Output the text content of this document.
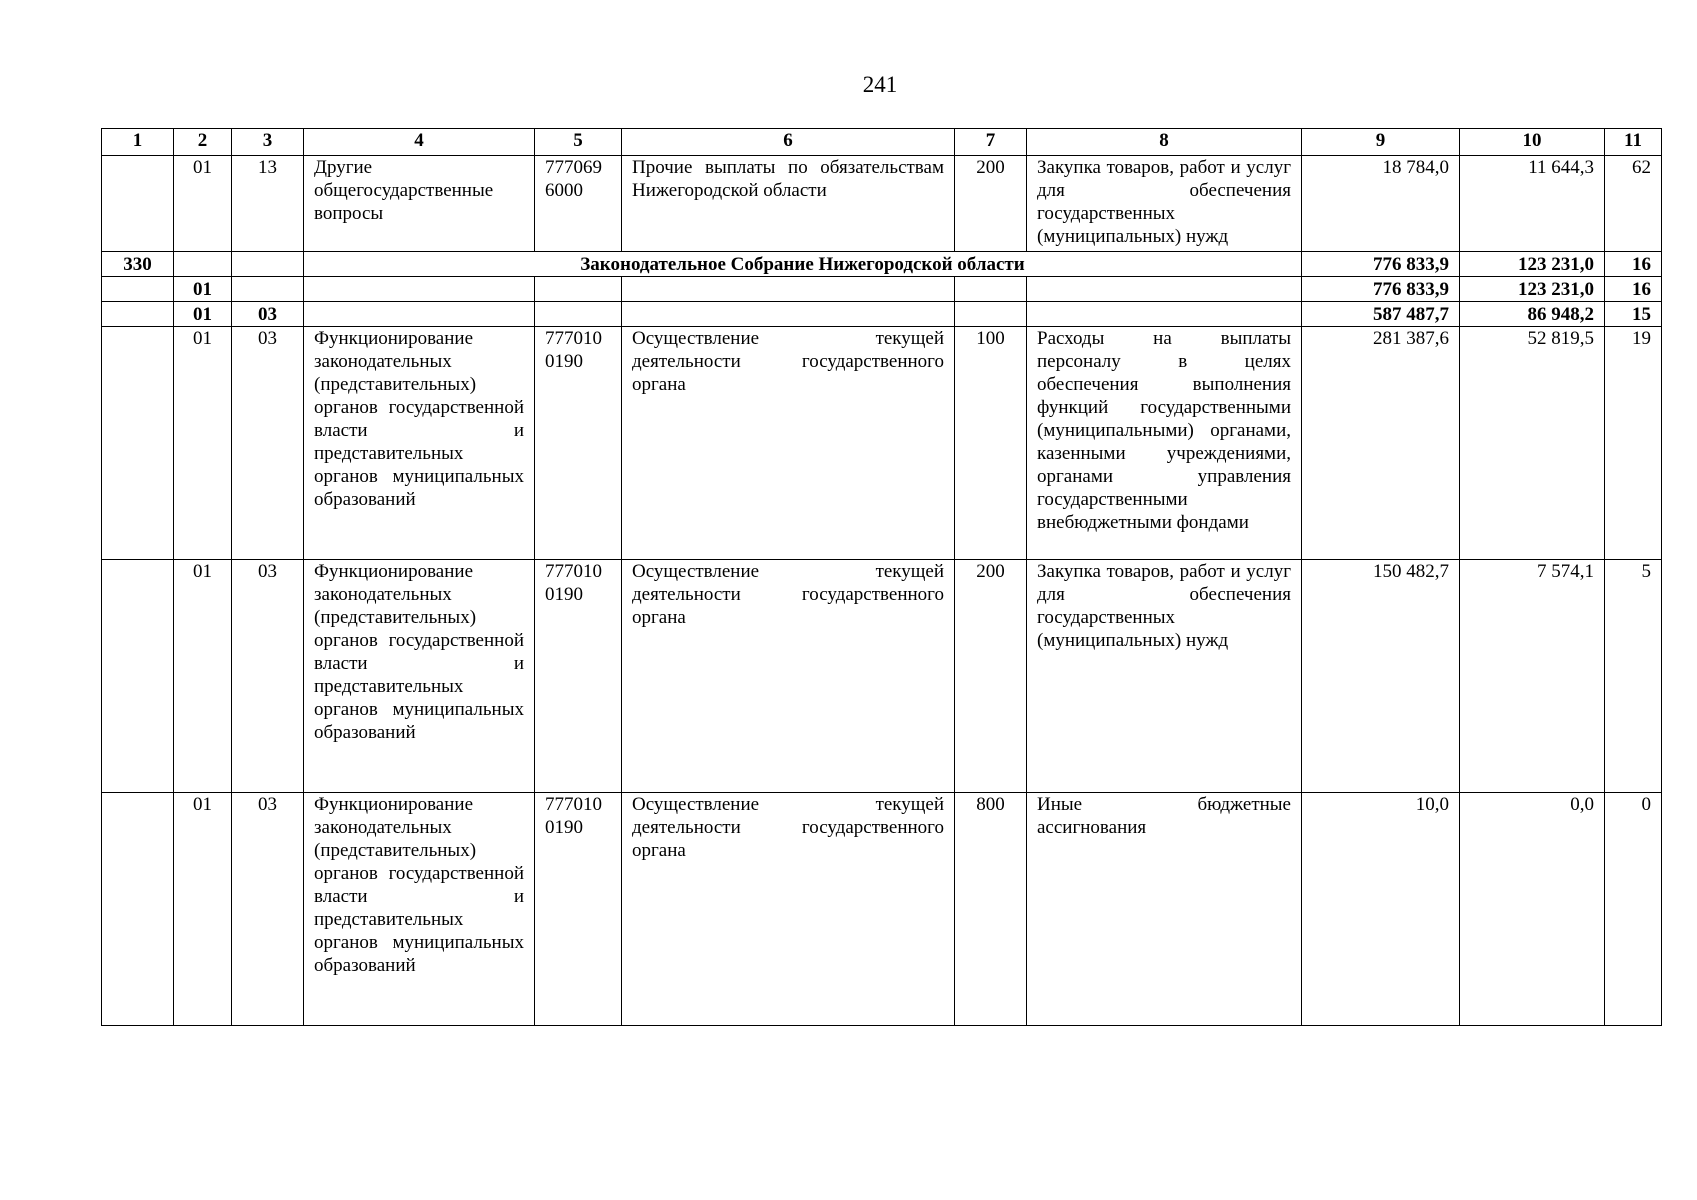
241
1	2	3	4	5	6	7	8	9	10	11
	01	13	Другие общегосударственные вопросы	777069 6000	Прочие выплаты по обязательствам Нижегородской области	200	Закупка товаров, работ и услуг для обеспечения государственных (муниципальных) нужд	18 784,0	11 644,3	62
330			Законодательное Собрание Нижегородской области					776 833,9	123 231,0	16
	01							776 833,9	123 231,0	16
	01	03						587 487,7	86 948,2	15
	01	03	Функционирование законодательных (представительных) органов государственной власти и представительных органов муниципальных образований	777010 0190	Осуществление текущей деятельности государственного органа	100	Расходы на выплаты персоналу в целях обеспечения выполнения функций государственными (муниципальными) органами, казенными учреждениями, органами управления государственными внебюджетными фондами	281 387,6	52 819,5	19
	01	03	Функционирование законодательных (представительных) органов государственной власти и представительных органов муниципальных образований	777010 0190	Осуществление текущей деятельности государственного органа	200	Закупка товаров, работ и услуг для обеспечения государственных (муниципальных) нужд	150 482,7	7 574,1	5
	01	03	Функционирование законодательных (представительных) органов государственной власти и представительных органов муниципальных образований	777010 0190	Осуществление текущей деятельности государственного органа	800	Иные бюджетные ассигнования	10,0	0,0	0
